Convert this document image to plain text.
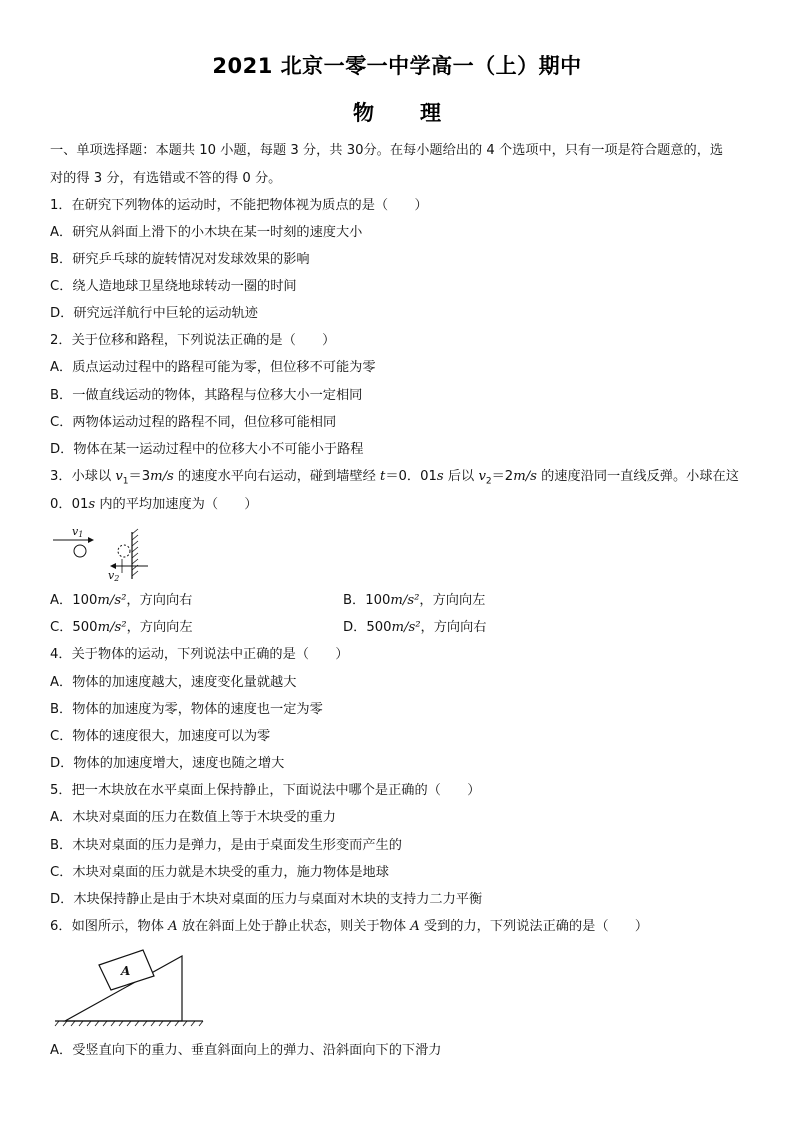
2021 北京一零一中学高一（上）期中
物 理
一、单项选择题：本题共 10 小题，每题 3 分，共 30分。在每小题给出的 4 个选项中，只有一项是符合题意的，选
对的得 3 分，有选错或不答的得 0 分。
1．在研究下列物体的运动时，不能把物体视为质点的是（　　）
A．研究从斜面上滑下的小木块在某一时刻的速度大小
B．研究乒乓球的旋转情况对发球效果的影响
C．绕人造地球卫星绕地球转动一圈的时间
D．研究远洋航行中巨轮的运动轨迹
2．关于位移和路程，下列说法正确的是（　　）
A．质点运动过程中的路程可能为零，但位移不可能为零
B．一做直线运动的物体，其路程与位移大小一定相同
C．两物体运动过程的路程不同，但位移可能相同
D．物体在某一运动过程中的位移大小不可能小于路程
3．小球以 $v_1=3m/s$ 的速度水平向右运动，碰到墙壁经 t＝0．01s 后以 $v_2=2m/s$ 的速度沿同一直线反弹。小球在这
0．01s 内的平均加速度为（　　）
v1
v2
A．100m/s²，方向向右	B．100m/s²，方向向左
C．500m/s²，方向向左	D．500m/s²，方向向右
4．关于物体的运动，下列说法中正确的是（　　）
A．物体的加速度越大，速度变化量就越大
B．物体的加速度为零，物体的速度也一定为零
C．物体的速度很大，加速度可以为零
D．物体的加速度增大，速度也随之增大
5．把一木块放在水平桌面上保持静止，下面说法中哪个是正确的（　　）
A．木块对桌面的压力在数值上等于木块受的重力
B．木块对桌面的压力是弹力，是由于桌面发生形变而产生的
C．木块对桌面的压力就是木块受的重力，施力物体是地球
D．木块保持静止是由于木块对桌面的压力与桌面对木块的支持力二力平衡
6．如图所示，物体 A 放在斜面上处于静止状态，则关于物体 A 受到的力，下列说法正确的是（　　）
A
A．受竖直向下的重力、垂直斜面向上的弹力、沿斜面向下的下滑力
